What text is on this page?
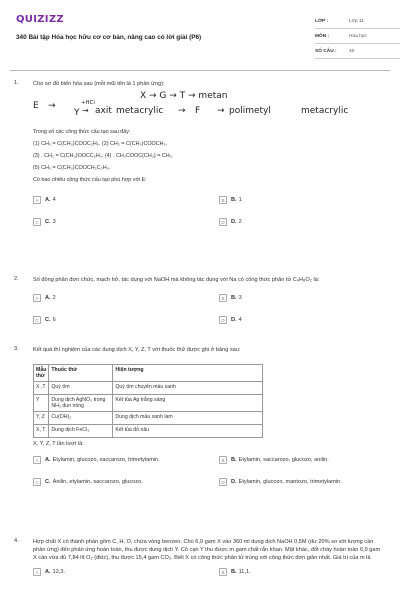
QUIZIZZ
340 Bài tập Hóa học hữu cơ cơ bản, nâng cao có lời giải (P6)
LỚP :	Lớp 11
MÔN :	Hóa học
SỐ CÂU :	40
1.	Cho sơ đồ biến hóa sau (mỗi mũi tên là 1 phản ứng):
X → G → T → metan
E →
Y
+HCl
→ axit metacrylic → F → polimetyl	metacrylic
Trong số các công thức cấu tạo sau đây:
(1) CH₂ = C(CH₃)COOC₂H₅. (2) CH₂ = C(CH₃)COOCH₃.
(3) . CH₂ = C(CH₃)OOCC₂H₅. (4) . CH₃COOC(CH₃) = CH₂.
(5) CH₂ = C(CH₃)COOCH₂C₂H₅.
Có bao nhiêu công thức cấu tạo phù hợp với E:
A	A. 4	B	B. 1
C	C. 3	D	D. 2
2.	Số đồng phân đơn chức, mạch hở, tác dụng với NaOH mà không tác dụng với Na có công thức phân tử C₄H₈O₂ là:
A	A. 2	B	B. 3
C	C. 6	D	D. 4
3.	Kết quả thí nghiệm của các dung dịch X, Y, Z, T với thuốc thử được ghi ở bảng sau:
Mẫu thử	Thuốc thử	Hiện tượng
X ,T	Quỳ tím	Quỳ tím chuyển màu xanh
Y	Dung dịch AgNO₃ trong NH₃ đun nóng	Kết tủa Ag trắng sáng
Y, Z	Cu(OH)₂	Dung dịch màu xanh lam
X, T	Dung dịch FeCl₃	Kết tủa đỏ nâu
X, Y, Z, T lần lượt là:
A	A. Etylamin, glucozo, saccarozo, trimetylamin.	B	B. Etylamin, saccarozo, glucozo, anilin.
C	C. Anilin, etylamin, saccarozo, glucozo.	D	D. Etylamin, glucozo, mantozo, trimetylamin.
4.	Hợp chất X có thành phần gồm C, H, O, chứa vòng benzen. Cho 6,9 gam X vào 360 ml dung dịch NaOH 0,5M (dư 20% so với lượng cần phản ứng) đến phản ứng hoàn toàn, thu được dung dịch Y. Cô cạn Y thu được m gam chất rắn khan. Mặt khác, đốt cháy hoàn toàn 6,9 gam X cần vừa đủ 7,84 lít O₂ (đktc), thu được 15,4 gam CO₂. Biết X có công thức phân tử trùng với công thức đơn giản nhất. Giá trị của m là
A	A. 12,3.	B	B. 11,1.
